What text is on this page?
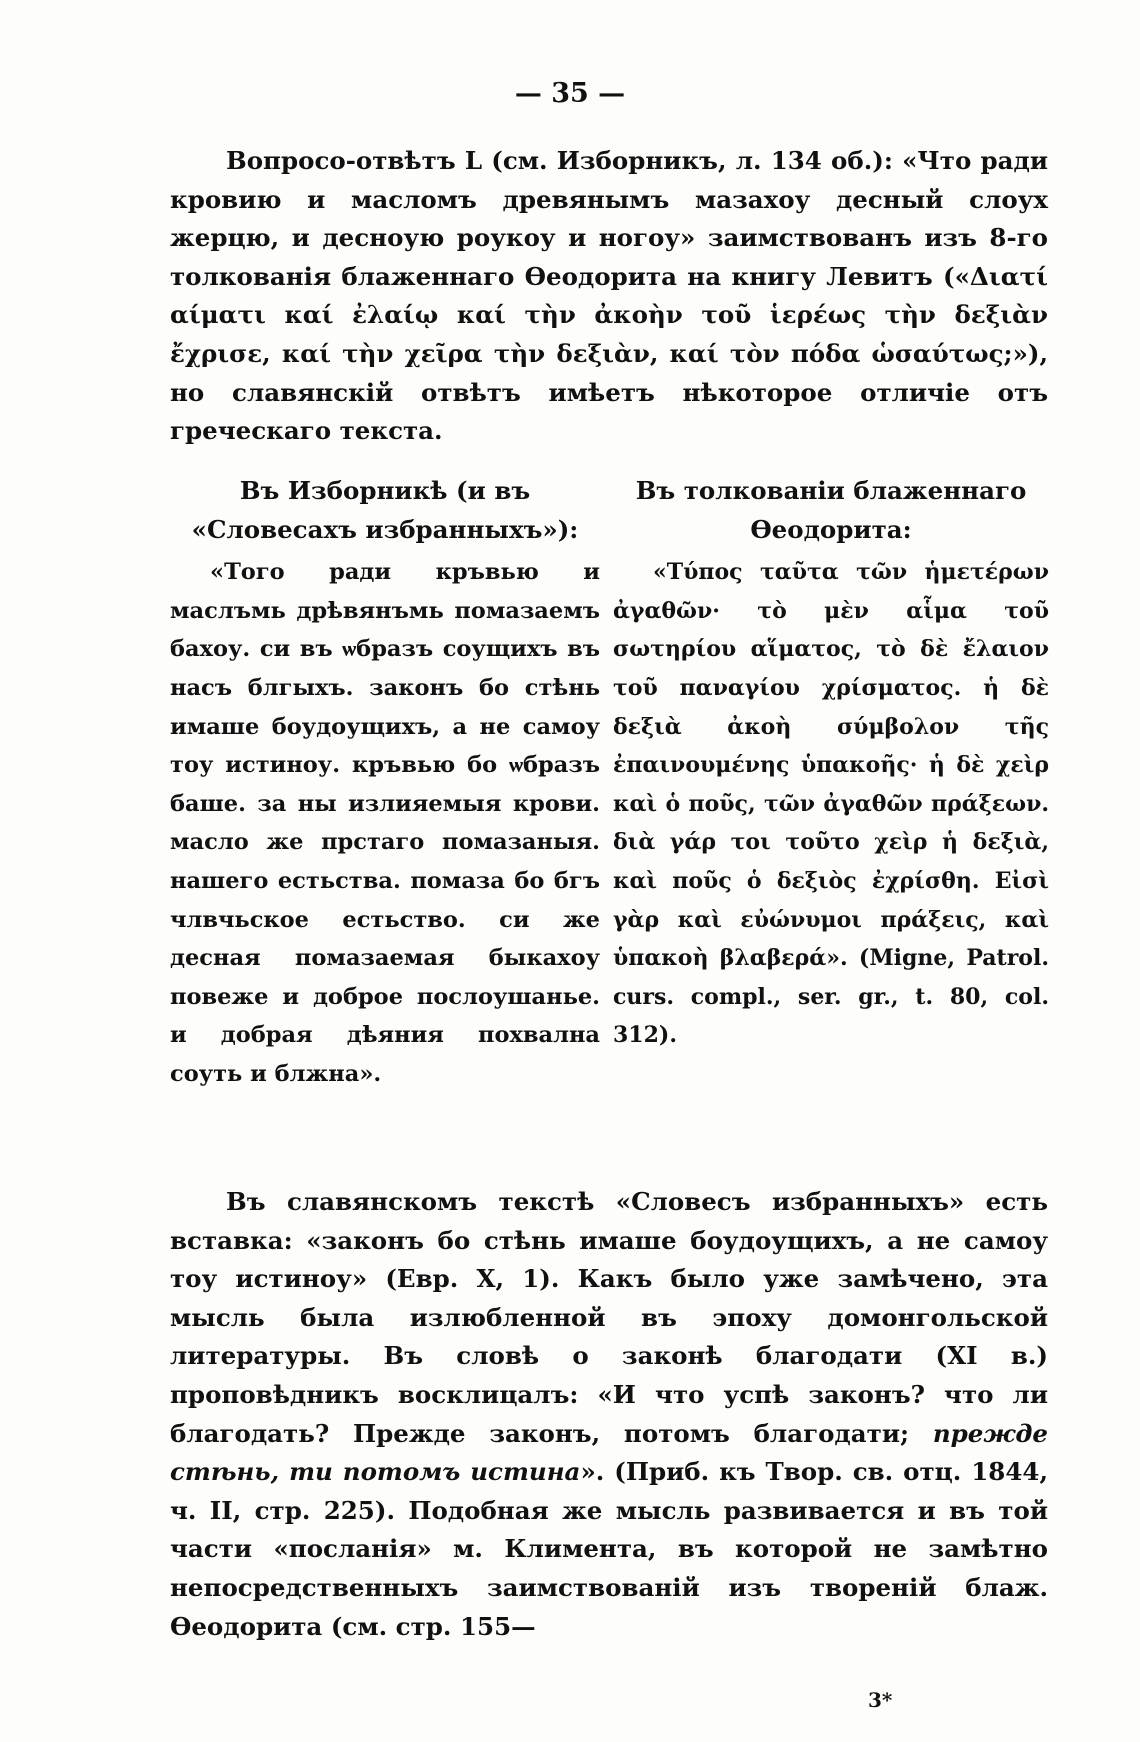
— 35 —

Вопросо-отвѣтъ L (см. Изборникъ, л. 134 об.): «Что ради кровию и масломъ древянымъ мазахоу десный слоух жерцю, и десноую роукоу и ногоу» заимствованъ изъ 8-го толкованія блаженнаго Ѳеодорита на книгу Левитъ («Διατί αίματι καί ἐλαίῳ καί τὴν ἀκοὴν τοῦ ἱερέως τὴν δεξιὰν ἔχρισε, καί τὴν χεῖρα τὴν δεξιὰν, καί τὸν πόδα ὡσαύτως;»), но славянскій отвѣтъ имѣетъ нѣкоторое отличіе отъ греческаго текста.

Въ Изборникѣ (и въ «Словесахъ избранныхъ»):

«Того ради кръвью и маслъмь дрѣвянъмь помазаемъ бахоу. си въ ѡбразъ соущихъ въ насъ блгыхъ. законъ бо стѣнь имаше боудоущихъ, а не самоу тоу истиноу. кръвью бо ѡбразъ баше. за ны излияемыя крови. масло же прстаго помазаныя. нашего естьства. помаза бо бгъ члвчьское естьство. си же десная помазаемая быкахоу повеже и доброе послоушанье. и добрая дѣяния похвална соуть и блжна».

Въ толкованіи блаженнаго Ѳеодорита:

«Τύπος ταῦτα τῶν ἡμετέρων ἀγαθῶν· τὸ μὲν αἷμα τοῦ σωτηρίου αἵματος, τὸ δὲ ἔλαιον τοῦ παναγίου χρίσματος. ἡ δὲ δεξιὰ ἀκοὴ σύμβολον τῆς ἐπαινουμένης ὑπακοῆς· ἡ δὲ χεὶρ καὶ ὁ ποῦς, τῶν ἀγαθῶν πράξεων. διὰ γάρ τοι τοῦτο χεὶρ ἡ δεξιὰ, καὶ ποῦς ὁ δεξιὸς ἐχρίσθη. Εἰσὶ γὰρ καὶ εὐώνυμοι πράξεις, καὶ ὑπακοὴ βλαβερά». (Migne, Patrol. curs. compl., ser. gr., t. 80, col. 312).

Въ славянскомъ текстѣ «Словесъ избранныхъ» есть вставка: «законъ бо стѣнь имаше боудоущихъ, а не самоу тоу истиноу» (Евр. X, 1). Какъ было уже замѣчено, эта мысль была излюбленной въ эпоху домонгольской литературы. Въ словѣ о законѣ благодати (XI в.) проповѣдникъ восклицалъ: «И что успѣ законъ? что ли благодать? Прежде законъ, потомъ благодати; прежде стѣнь, ти потомъ истина». (Приб. къ Твор. св. отц. 1844, ч. II, стр. 225). Подобная же мысль развивается и въ той части «посланія» м. Климента, въ которой не замѣтно непосредственныхъ заимствованій изъ твореній блаж. Ѳеодорита (см. стр. 155—

3*
